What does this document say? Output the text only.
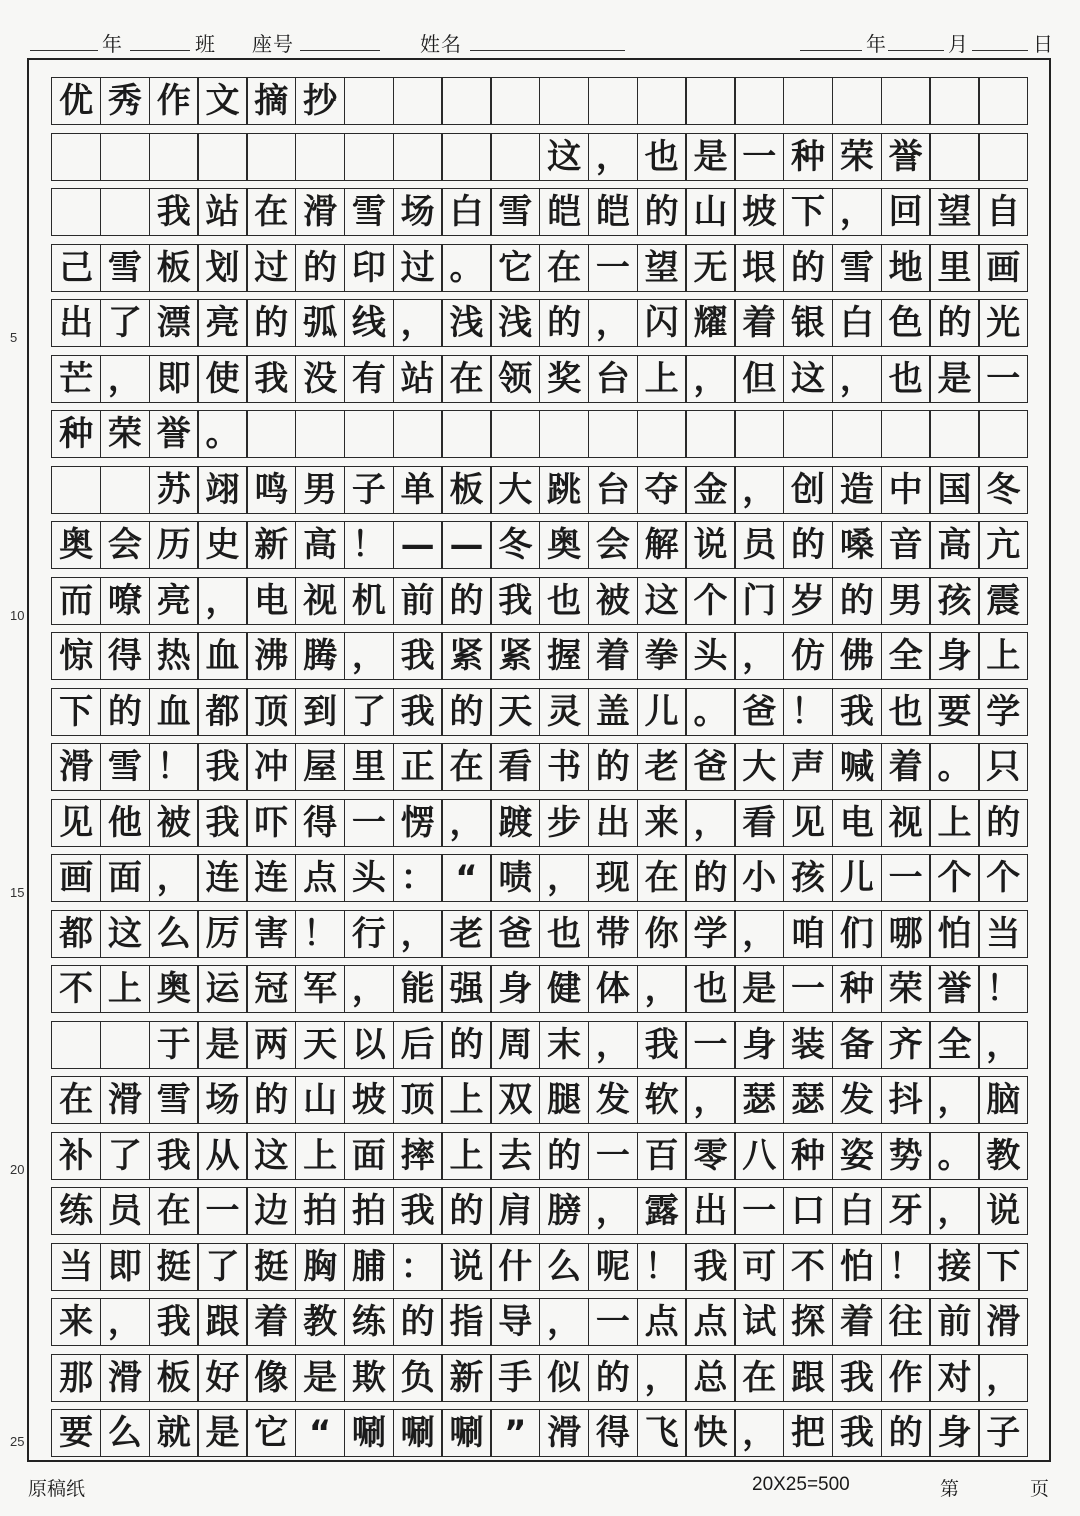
年	班 座号	姓名	年	月	日
5
10
15
20
25
优 秀 作 文 摘 抄
这 ， 也 是 一 种 荣 誉
我 站 在 滑 雪 场 白 雪 皑 皑 的 山 坡 下 ， 回 望 自
己 雪 板 划 过 的 印 过 。 它 在 一 望 无 垠 的 雪 地 里 画
出 了 漂 亮 的 弧 线 ， 浅 浅 的 ， 闪 耀 着 银 白 色 的 光
芒 ， 即 使 我 没 有 站 在 领 奖 台 上 ， 但 这 ， 也 是 一
种 荣 誉 。
苏 翊 鸣 男 子 单 板 大 跳 台 夺 金 ， 创 造 中 国 冬
奥 会 历 史 新 高 ！ — — 冬 奥 会 解 说 员 的 嗓 音 高 亢
而 嘹 亮 ， 电 视 机 前 的 我 也 被 这 个 门 岁 的 男 孩 震
惊 得 热 血 沸 腾 ， 我 紧 紧 握 着 拳 头 ， 仿 佛 全 身 上
下 的 血 都 顶 到 了 我 的 天 灵 盖 儿 。 爸 ！ 我 也 要 学
滑 雪 ！ 我 冲 屋 里 正 在 看 书 的 老 爸 大 声 喊 着 。 只
见 他 被 我 吓 得 一 愣 ， 踱 步 出 来 ， 看 见 电 视 上 的
画 面 ， 连 连 点 头 ： “ 啧 ， 现 在 的 小 孩 儿 一 个 个
都 这 么 厉 害 ！ 行 ， 老 爸 也 带 你 学 ， 咱 们 哪 怕 当
不 上 奥 运 冠 军 ， 能 强 身 健 体 ， 也 是 一 种 荣 誉 ！
于 是 两 天 以 后 的 周 末 ， 我 一 身 装 备 齐 全 ，
在 滑 雪 场 的 山 坡 顶 上 双 腿 发 软 ， 瑟 瑟 发 抖 ， 脑
补 了 我 从 这 上 面 摔 上 去 的 一 百 零 八 种 姿 势 。 教
练 员 在 一 边 拍 拍 我 的 肩 膀 ， 露 出 一 口 白 牙 ， 说
当 即 挺 了 挺 胸 脯 ： 说 什 么 呢 ！ 我 可 不 怕 ！ 接 下
来 ， 我 跟 着 教 练 的 指 导 ， 一 点 点 试 探 着 往 前 滑
那 滑 板 好 像 是 欺 负 新 手 似 的 ， 总 在 跟 我 作 对 ，
要 么 就 是 它 “ 唰 唰 唰 ” 滑 得 飞 快 ， 把 我 的 身 子
原稿纸	20X25=500	第	页
